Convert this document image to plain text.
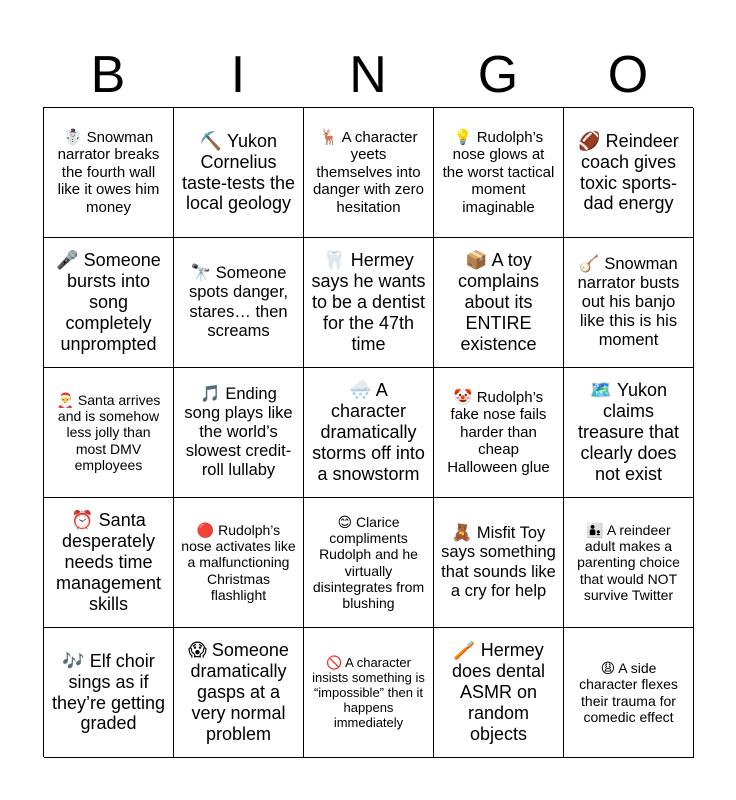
B	I	N	G	O
☃️ Snowman narrator breaks the fourth wall like it owes him money
⛏️ Yukon Cornelius taste-tests the local geology
🦌 A character yeets themselves into danger with zero hesitation
💡 Rudolph’s nose glows at the worst tactical moment imaginable
🏈 Reindeer coach gives toxic sports-dad energy
🎤 Someone bursts into song completely unprompted
🔭 Someone spots danger, stares… then screams
🦷 Hermey says he wants to be a dentist for the 47th time
📦 A toy complains about its ENTIRE existence
🪕 Snowman narrator busts out his banjo like this is his moment
🎅 Santa arrives and is somehow less jolly than most DMV employees
🎵 Ending song plays like the world’s slowest credit-roll lullaby
🌨️ A character dramatically storms off into a snowstorm
🤡 Rudolph’s fake nose fails harder than cheap Halloween glue
🗺️ Yukon claims treasure that clearly does not exist
⏰ Santa desperately needs time management skills
🔴 Rudolph’s nose activates like a malfunctioning Christmas flashlight
😊 Clarice compliments Rudolph and he virtually disintegrates from blushing
🧸 Misfit Toy says something that sounds like a cry for help
👨‍👦 A reindeer adult makes a parenting choice that would NOT survive Twitter
🎶 Elf choir sings as if they’re getting graded
😱 Someone dramatically gasps at a very normal problem
🚫 A character insists something is “impossible” then it happens immediately
🪥 Hermey does dental ASMR on random objects
😩 A side character flexes their trauma for comedic effect
